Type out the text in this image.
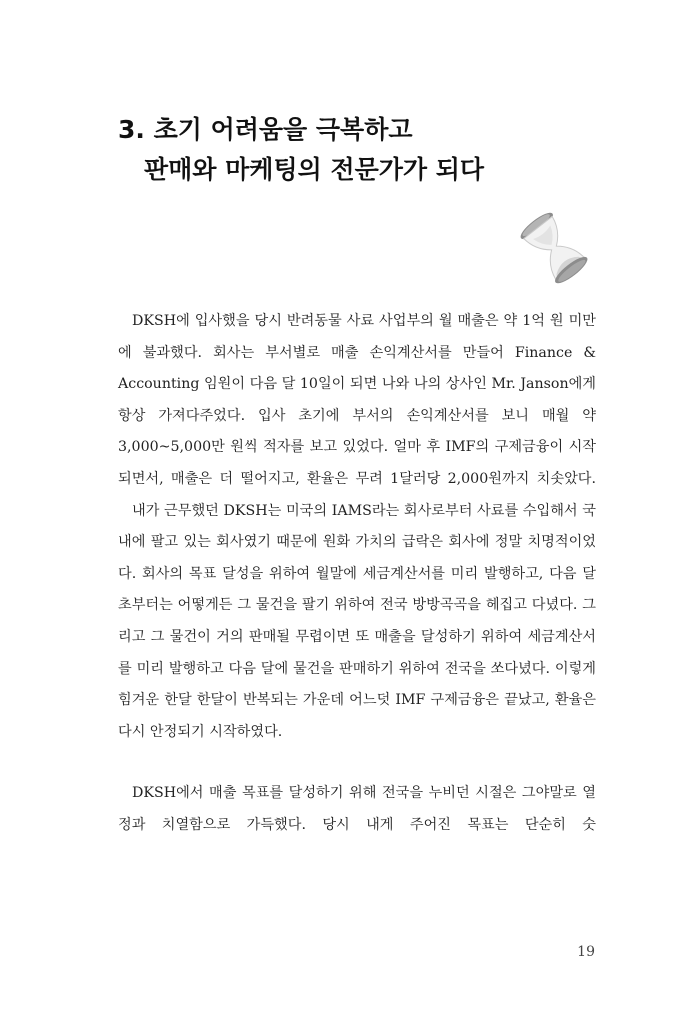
3. 초기 어려움을 극복하고
판매와 마케팅의 전문가가 되다

DKSH에 입사했을 당시 반려동물 사료 사업부의 월 매출은 약 1억 원 미만에 불과했다. 회사는 부서별로 매출 손익계산서를 만들어 Finance & Accounting 임원이 다음 달 10일이 되면 나와 나의 상사인 Mr. Janson에게 항상 가져다주었다. 입사 초기에 부서의 손익계산서를 보니 매월 약 3,000~5,000만 원씩 적자를 보고 있었다. 얼마 후 IMF의 구제금융이 시작되면서, 매출은 더 떨어지고, 환율은 무려 1달러당 2,000원까지 치솟았다.

내가 근무했던 DKSH는 미국의 IAMS라는 회사로부터 사료를 수입해서 국내에 팔고 있는 회사였기 때문에 원화 가치의 급락은 회사에 정말 치명적이었다. 회사의 목표 달성을 위하여 월말에 세금계산서를 미리 발행하고, 다음 달 초부터는 어떻게든 그 물건을 팔기 위하여 전국 방방곡곡을 헤집고 다녔다. 그리고 그 물건이 거의 판매될 무렵이면 또 매출을 달성하기 위하여 세금계산서를 미리 발행하고 다음 달에 물건을 판매하기 위하여 전국을 쏘다녔다. 이렇게 힘겨운 한달 한달이 반복되는 가운데 어느덧 IMF 구제금융은 끝났고, 환율은 다시 안정되기 시작하였다.

DKSH에서 매출 목표를 달성하기 위해 전국을 누비던 시절은 그야말로 열정과 치열함으로 가득했다. 당시 내게 주어진 목표는 단순히 숫

19
